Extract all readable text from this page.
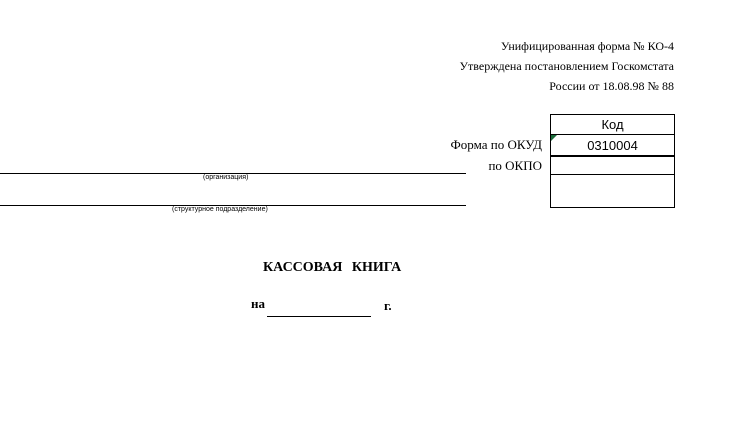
Унифицированная форма № КО-4
Утверждена постановлением Госкомстата
России от 18.08.98 № 88
Код
0310004
Форма по ОКУД
по ОКПО
(организация)
(структурное подразделение)
КАССОВАЯ КНИГА
на	г.
